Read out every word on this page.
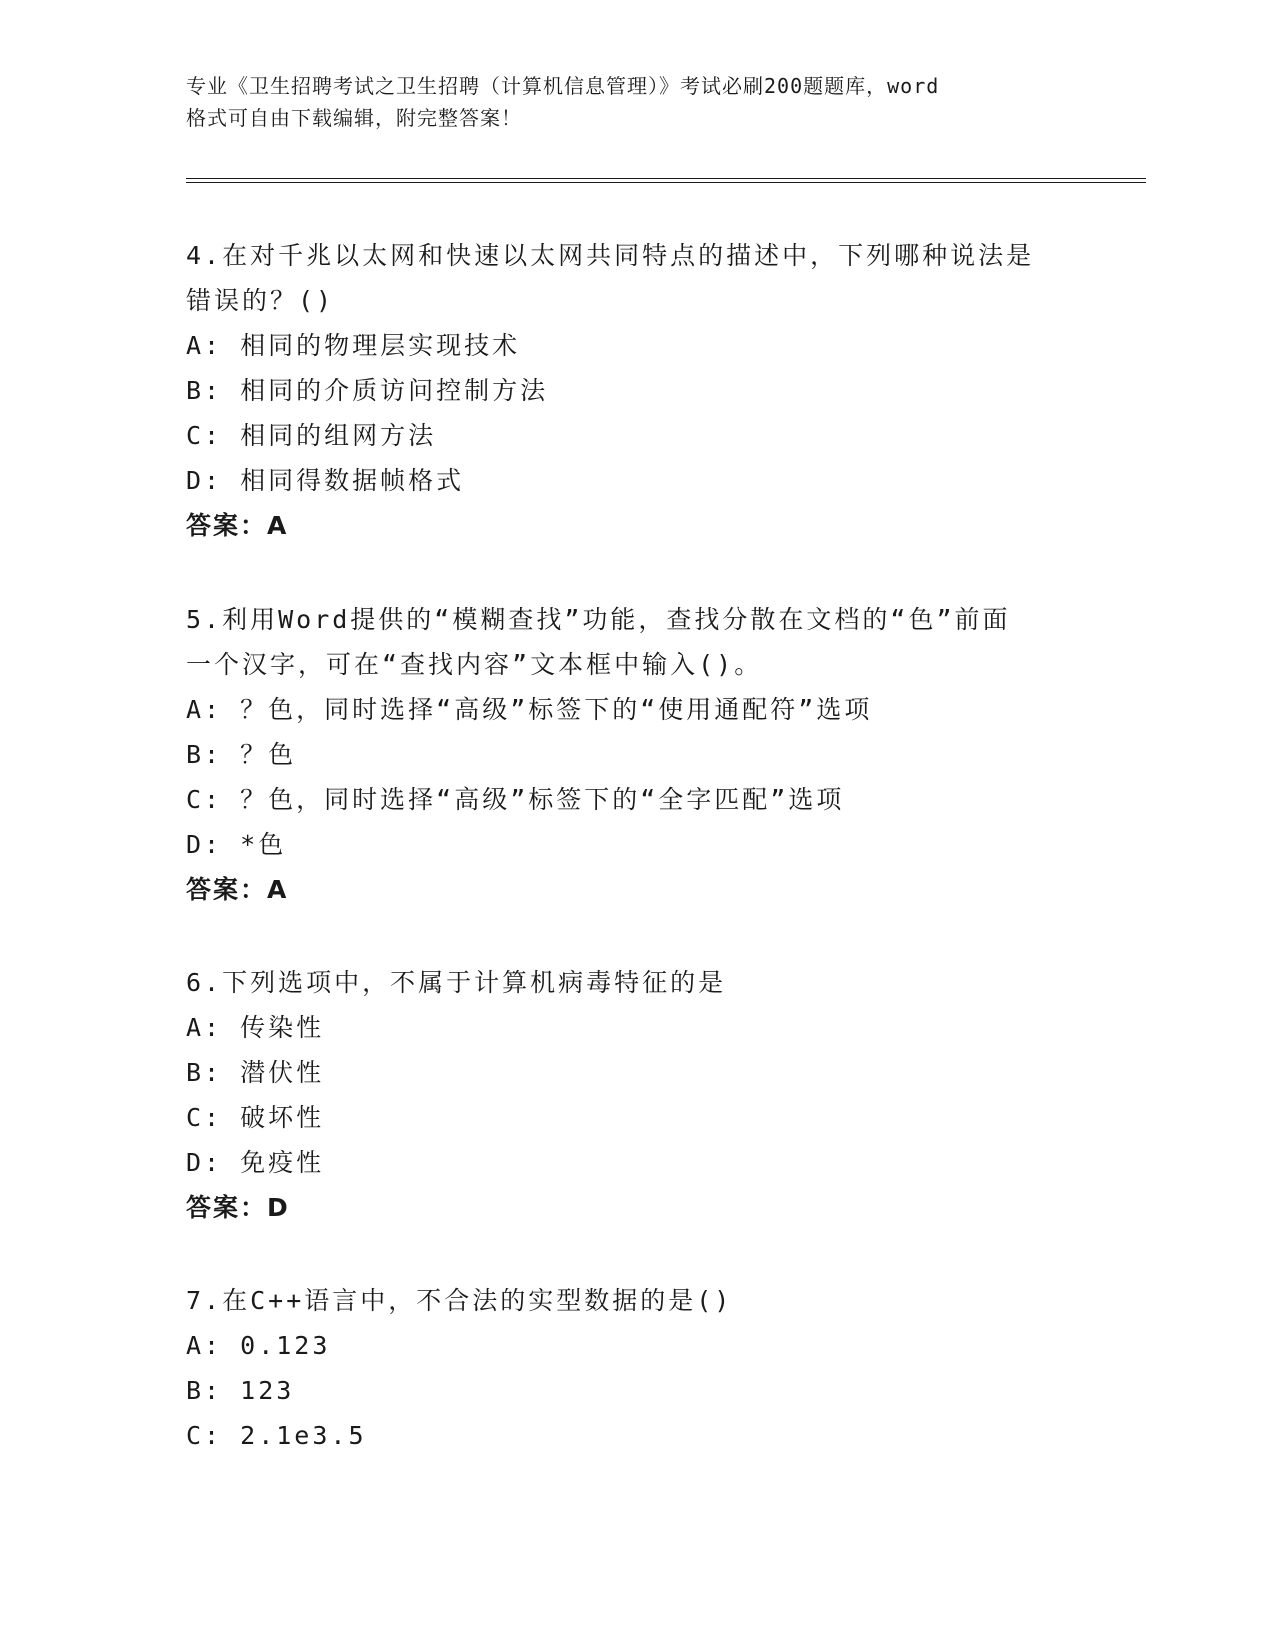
专业《卫生招聘考试之卫生招聘（计算机信息管理）》考试必刷200题题库，word
格式可自由下载编辑，附完整答案！
4.在对千兆以太网和快速以太网共同特点的描述中，下列哪种说法是
错误的？()
A: 相同的物理层实现技术
B: 相同的介质访问控制方法
C: 相同的组网方法
D: 相同得数据帧格式
答案：A
5.利用Word提供的“模糊查找”功能，查找分散在文档的“色”前面
一个汉字，可在“查找内容”文本框中输入()。
A: ？色，同时选择“高级”标签下的“使用通配符”选项
B: ？色
C: ？色，同时选择“高级”标签下的“全字匹配”选项
D: *色
答案：A
6.下列选项中，不属于计算机病毒特征的是
A: 传染性
B: 潜伏性
C: 破坏性
D: 免疫性
答案：D
7.在C++语言中，不合法的实型数据的是()
A: 0.123
B: 123
C: 2.1e3.5
